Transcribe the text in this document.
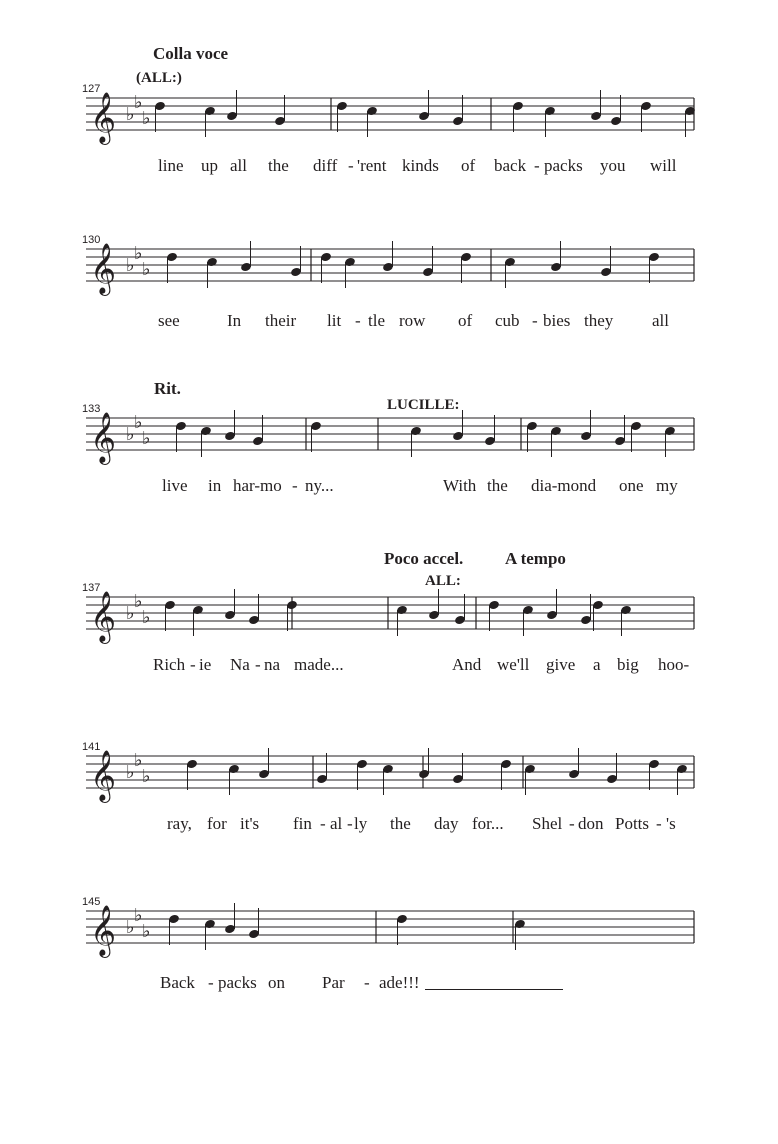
Colla voce
(ALL:)
127
𝄞 ♭
♭
♭
line up all the diff - 'rent kinds of back - packs you will
130
𝄞 ♭
♭
♭
see	In their lit - tle row of cub - bies they all
Rit.
LUCILLE:
133
𝄞 ♭
♭
♭
live in har-mo - ny...	With the dia-mond one my
Poco accel. A tempo
ALL:
137
𝄞 ♭
♭
♭
Rich - ie Na - na made...	And we'll give a big hoo-
141
𝄞 ♭
♭
♭
ray, for it's fin - al - ly the day for... Shel - don Potts - 's
145
𝄞 ♭
♭
♭
Back - packs on Par - ade!!!
